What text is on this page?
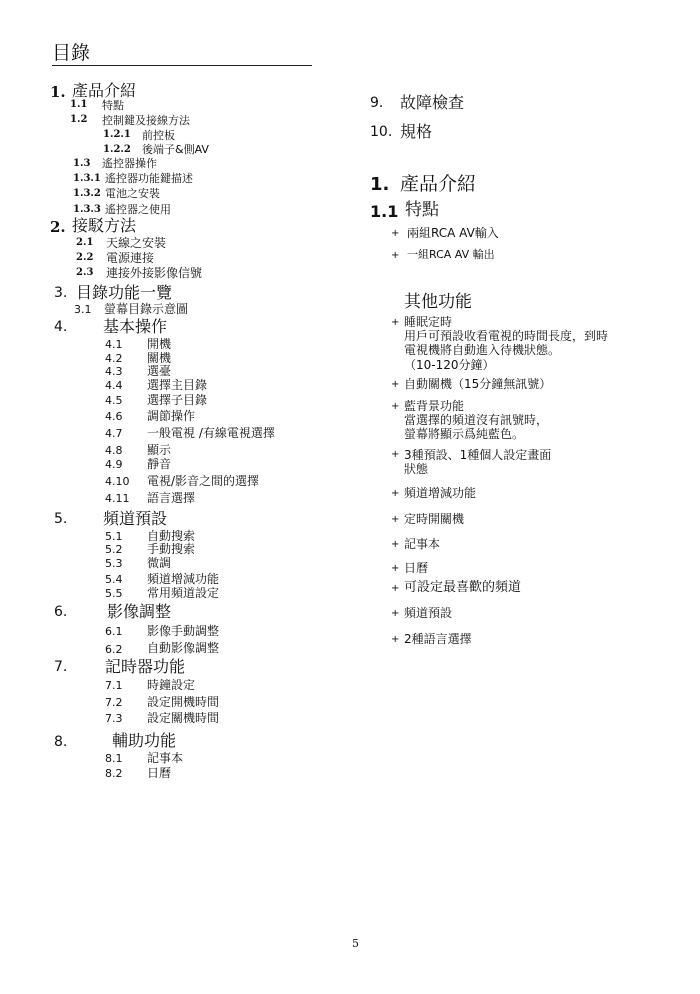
目錄
1. 產品介紹
1.1 特點
1.2 控制鍵及接線方法
1.2.1 前控板
1.2.2 後端子&側AV
1.3 遙控器操作
1.3.1 遙控器功能鍵描述
1.3.2 電池之安裝
1.3.3 遙控器之使用
2. 接駁方法
2.1 天線之安裝
2.2 電源連接
2.3 連接外接影像信號
3. 目錄功能一覽
3.1 螢幕目錄示意圖
4. 基本操作
4.1 開機
4.2 關機
4.3 選臺
4.4 選擇主目錄
4.5 選擇子目錄
4.6 調節操作
4.7 一般電視 /有線電視選擇
4.8 顯示
4.9 靜音
4.10 電視/影音之間的選擇
4.11 語言選擇
5. 頻道預設
5.1 自動搜索
5.2 手動搜索
5.3 微調
5.4 頻道增減功能
5.5 常用頻道設定
6. 影像調整
6.1 影像手動調整
6.2 自動影像調整
7. 記時器功能
7.1 時鐘設定
7.2 設定開機時間
7.3 設定關機時間
8.	輔助功能
8.1 記事本
8.2 日曆
9. 故障檢查
10. 規格
1. 產品介紹
1.1 特點
+ 兩組RCA AV輸入
+ 一組RCA AV 輸出
其他功能
+ 睡眠定時
用戶可預設收看電視的時間長度，到時
電視機將自動進入待機狀態。
（10-120分鐘）
+ 自動關機（15分鐘無訊號）
+ 藍背景功能
當選擇的頻道沒有訊號時，
螢幕將顯示爲純藍色。
+ 3種預設、1種個人設定畫面
狀態
+ 頻道增減功能
+ 定時開關機
+ 記事本
+ 日曆
+ 可設定最喜歡的頻道
+ 頻道預設
+ 2種語言選擇
5
